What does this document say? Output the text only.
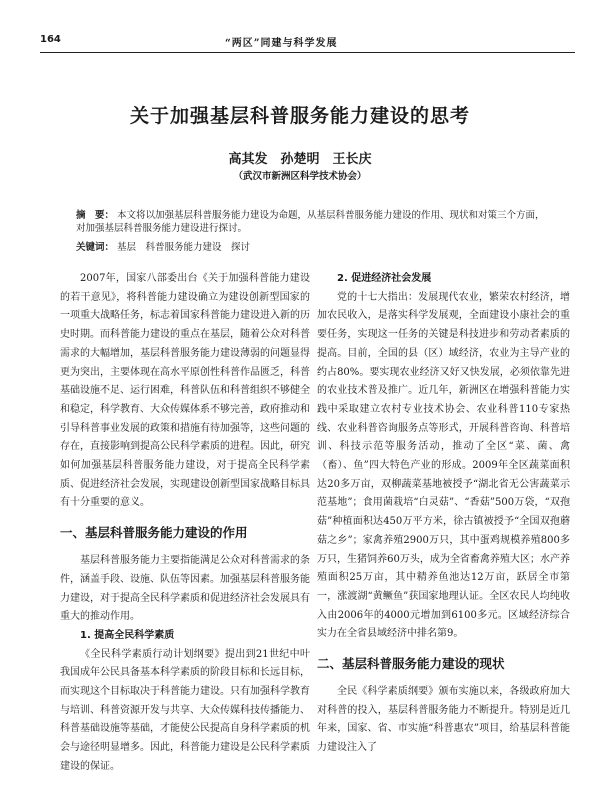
164	“两区”同建与科学发展
关于加强基层科普服务能力建设的思考
高其发　孙楚明　王长庆
（武汉市新洲区科学技术协会）
摘　要： 本文将以加强基层科普服务能力建设为命题，从基层科普服务能力建设的作用、现状和对策三个方面，对加强基层科普服务能力建设进行探讨。
关键词： 基层　科普服务能力建设　探讨

2007年，国家八部委出台《关于加强科普能力建设的若干意见》，将科普能力建设确立为建设创新型国家的一项重大战略任务，标志着国家科普能力建设进入新的历史时期。而科普能力建设的重点在基层，随着公众对科普需求的大幅增加，基层科普服务能力建设薄弱的问题显得更为突出，主要体现在高水平原创性科普作品匮乏，科普基础设施不足、运行困难，科普队伍和科普组织不够健全和稳定，科学教育、大众传媒体系不够完善，政府推动和引导科普事业发展的政策和措施有待加强等，这些问题的存在，直接影响到提高公民科学素质的进程。因此，研究如何加强基层科普服务能力建设，对于提高全民科学素质、促进经济社会发展，实现建设创新型国家战略目标具有十分重要的意义。

一、基层科普服务能力建设的作用

基层科普服务能力主要指能满足公众对科普需求的条件，涵盖手段、设施、队伍等因素。加强基层科普服务能力建设，对于提高全民科学素质和促进经济社会发展具有重大的推动作用。

1. 提高全民科学素质

《全民科学素质行动计划纲要》提出到21世纪中叶我国成年公民具备基本科学素质的阶段目标和长远目标，而实现这个目标取决于科普能力建设。只有加强科学教育与培训、科普资源开发与共享、大众传媒科技传播能力、科普基础设施等基础，才能使公民提高自身科学素质的机会与途径明显增多。因此，科普能力建设是公民科学素质建设的保证。

2. 促进经济社会发展

党的十七大指出：发展现代农业，繁荣农村经济，增加农民收入，是落实科学发展观，全面建设小康社会的重要任务，实现这一任务的关键是科技进步和劳动者素质的提高。目前，全国的县（区）域经济，农业为主导产业的约占80%。要实现农业经济又好又快发展，必须依靠先进的农业技术普及推广。近几年，新洲区在增强科普能力实践中采取建立农村专业技术协会、农业科普110专家热线、农业科普咨询服务点等形式，开展科普咨询、科普培训、科技示范等服务活动，推动了全区“菜、菌、禽（畜）、鱼”四大特色产业的形成。2009年全区蔬菜面积达20多万亩，双柳蔬菜基地被授予“湖北省无公害蔬菜示范基地”；食用菌栽培“白灵菇”、“香菇”500万袋，“双孢菇”种植面积达450万平方米，徐古镇被授予“全国双孢蘑菇之乡”；家禽养殖2900万只，其中蛋鸡规模养殖800多万只，生猪饲养60万头，成为全省畜禽养殖大区；水产养殖面积25万亩，其中精养鱼池达12万亩，跃居全市第一，涨渡湖“黄鳜鱼”获国家地理认证。全区农民人均纯收入由2006年的4000元增加到6100多元。区域经济综合实力在全省县域经济中排名第9。

二、基层科普服务能力建设的现状

全民《科学素质纲要》颁布实施以来，各级政府加大对科普的投入，基层科普服务能力不断提升。特别是近几年来，国家、省、市实施“科普惠农”项目，给基层科普能力建设注入了
